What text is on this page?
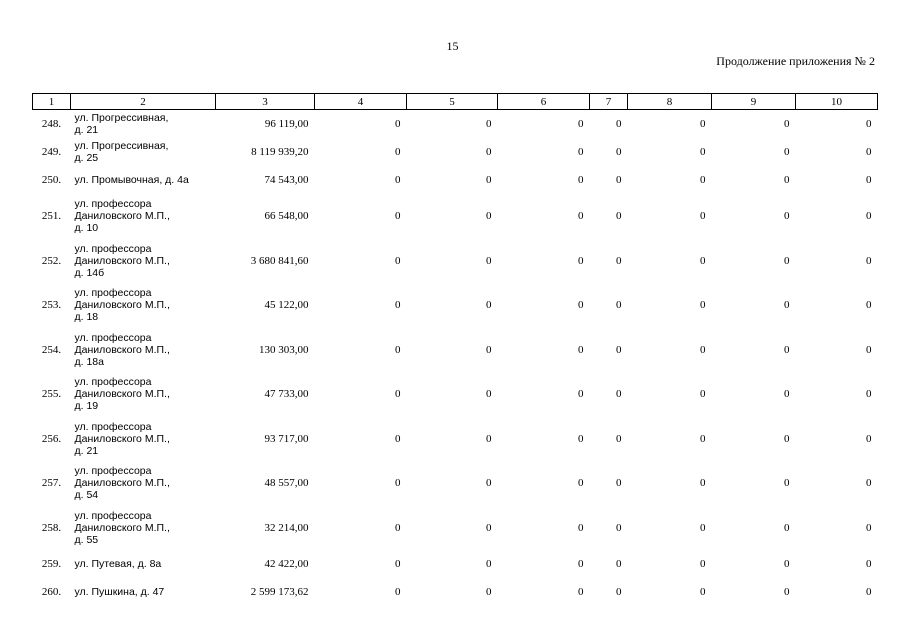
15
Продолжение приложения № 2
1	2	3	4	5	6	7	8	9	10
248.	ул. Прогрессивная,
д. 21	96 119,00	0	0	0	0	0	0	0
249.	ул. Прогрессивная,
д. 25	8 119 939,20	0	0	0	0	0	0	0
250.	ул. Промывочная, д. 4а	74 543,00	0	0	0	0	0	0	0
251.	ул. профессора
Даниловского М.П.,
д. 10	66 548,00	0	0	0	0	0	0	0
252.	ул. профессора
Даниловского М.П.,
д. 14б	3 680 841,60	0	0	0	0	0	0	0
253.	ул. профессора
Даниловского М.П.,
д. 18	45 122,00	0	0	0	0	0	0	0
254.	ул. профессора
Даниловского М.П.,
д. 18а	130 303,00	0	0	0	0	0	0	0
255.	ул. профессора
Даниловского М.П.,
д. 19	47 733,00	0	0	0	0	0	0	0
256.	ул. профессора
Даниловского М.П.,
д. 21	93 717,00	0	0	0	0	0	0	0
257.	ул. профессора
Даниловского М.П.,
д. 54	48 557,00	0	0	0	0	0	0	0
258.	ул. профессора
Даниловского М.П.,
д. 55	32 214,00	0	0	0	0	0	0	0
259.	ул. Путевая, д. 8а	42 422,00	0	0	0	0	0	0	0
260.	ул. Пушкина, д. 47	2 599 173,62	0	0	0	0	0	0	0
